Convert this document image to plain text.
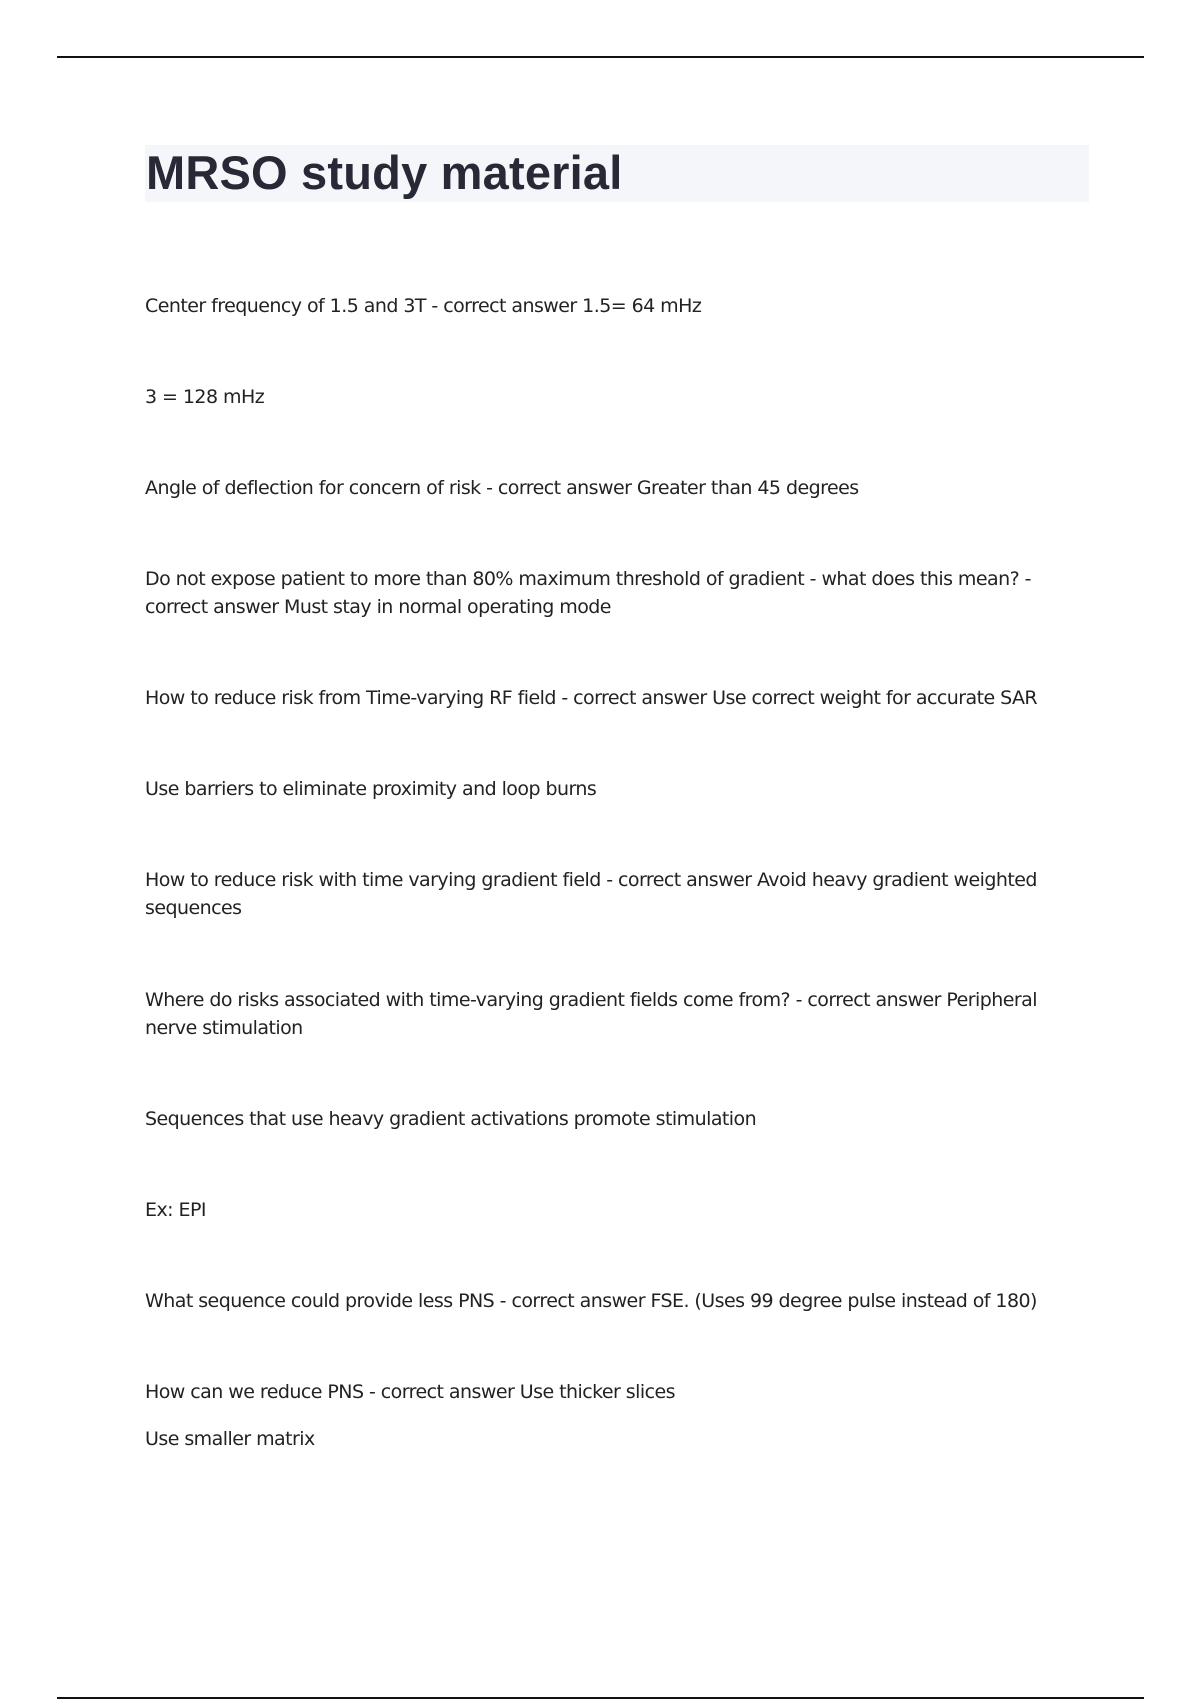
MRSO study material

Center frequency of 1.5 and 3T - correct answer 1.5= 64 mHz

3 = 128 mHz

Angle of deflection for concern of risk - correct answer Greater than 45 degrees

Do not expose patient to more than 80% maximum threshold of gradient - what does this mean? - correct answer Must stay in normal operating mode

How to reduce risk from Time-varying RF field - correct answer Use correct weight for accurate SAR

Use barriers to eliminate proximity and loop burns

How to reduce risk with time varying gradient field - correct answer Avoid heavy gradient weighted sequences

Where do risks associated with time-varying gradient fields come from? - correct answer Peripheral nerve stimulation

Sequences that use heavy gradient activations promote stimulation

Ex: EPI

What sequence could provide less PNS - correct answer FSE. (Uses 99 degree pulse instead of 180)

How can we reduce PNS - correct answer Use thicker slices

Use smaller matrix
